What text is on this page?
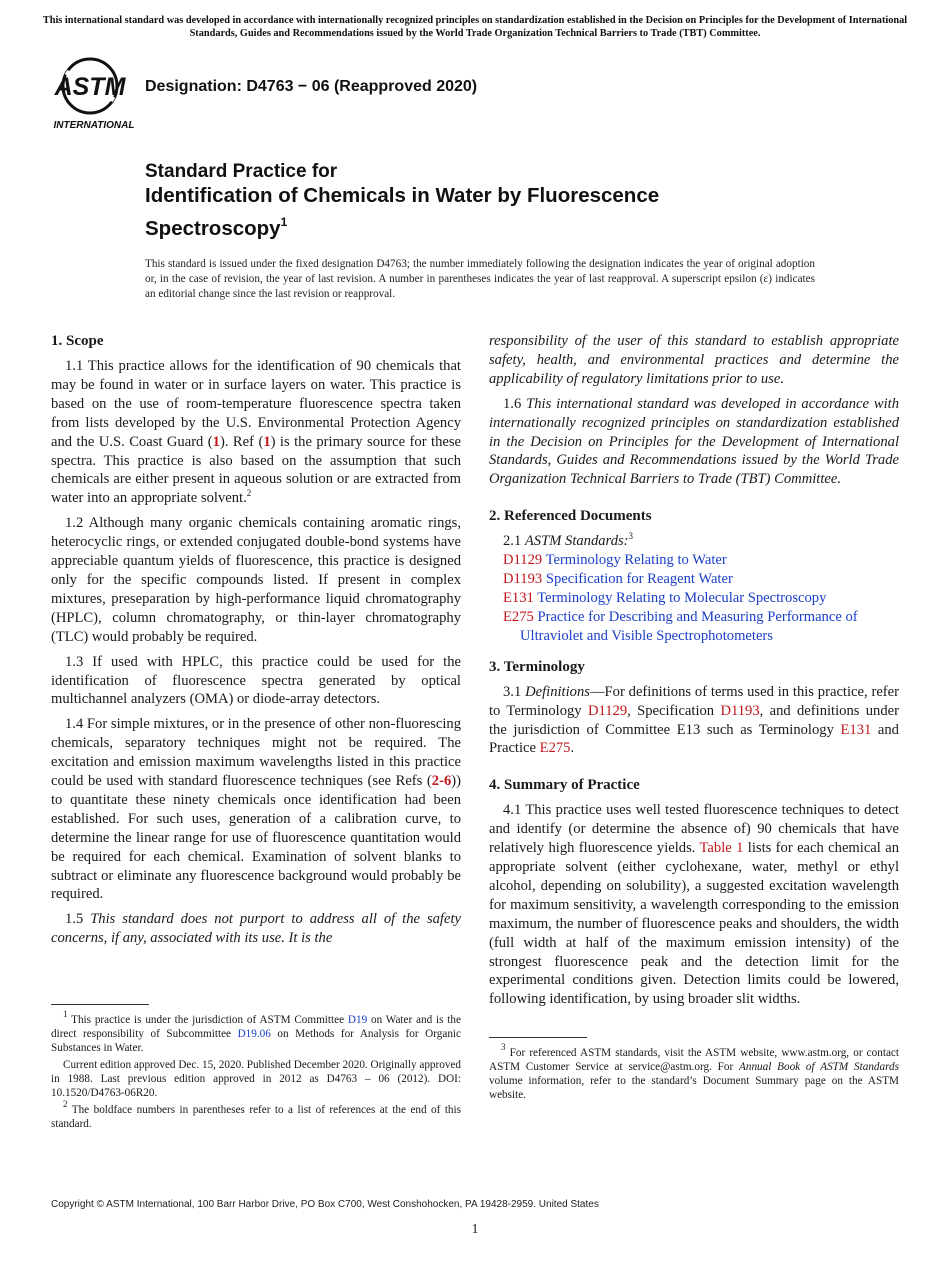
This international standard was developed in accordance with internationally recognized principles on standardization established in the Decision on Principles for the Development of International Standards, Guides and Recommendations issued by the World Trade Organization Technical Barriers to Trade (TBT) Committee.
ASTM
INTERNATIONAL
Designation: D4763 − 06 (Reapproved 2020)
Standard Practice for
Identification of Chemicals in Water by Fluorescence
Spectroscopy$^1$
This standard is issued under the fixed designation D4763; the number immediately following the designation indicates the year of original adoption or, in the case of revision, the year of last revision. A number in parentheses indicates the year of last reapproval. A superscript epsilon (ε) indicates an editorial change since the last revision or reapproval.
1. Scope

1.1 This practice allows for the identification of 90 chemicals that may be found in water or in surface layers on water. This practice is based on the use of room-temperature fluorescence spectra taken from lists developed by the U.S. Environmental Protection Agency and the U.S. Coast Guard (1). Ref (1) is the primary source for these spectra. This practice is also based on the assumption that such chemicals are either present in aqueous solution or are extracted from water into an appropriate solvent.$^2$

1.2 Although many organic chemicals containing aromatic rings, heterocyclic rings, or extended conjugated double-bond systems have appreciable quantum yields of fluorescence, this practice is designed only for the specific compounds listed. If present in complex mixtures, preseparation by high-performance liquid chromatography (HPLC), column chromatography, or thin-layer chromatography (TLC) would probably be required.

1.3 If used with HPLC, this practice could be used for the identification of fluorescence spectra generated by optical multichannel analyzers (OMA) or diode-array detectors.

1.4 For simple mixtures, or in the presence of other non-fluorescing chemicals, separatory techniques might not be required. The excitation and emission maximum wavelengths listed in this practice could be used with standard fluorescence techniques (see Refs (2-6)) to quantitate these ninety chemicals once identification had been established. For such uses, generation of a calibration curve, to determine the linear range for use of fluorescence quantitation would be required for each chemical. Examination of solvent blanks to subtract or eliminate any fluorescence background would probably be required.

1.5 This standard does not purport to address all of the safety concerns, if any, associated with its use. It is the

$^1$ This practice is under the jurisdiction of ASTM Committee D19 on Water and is the direct responsibility of Subcommittee D19.06 on Methods for Analysis for Organic Substances in Water.

Current edition approved Dec. 15, 2020. Published December 2020. Originally approved in 1988. Last previous edition approved in 2012 as D4763 – 06 (2012). DOI: 10.1520/D4763-06R20.

$^2$ The boldface numbers in parentheses refer to a list of references at the end of this standard.

responsibility of the user of this standard to establish appropriate safety, health, and environmental practices and determine the applicability of regulatory limitations prior to use.

1.6 This international standard was developed in accordance with internationally recognized principles on standardization established in the Decision on Principles for the Development of International Standards, Guides and Recommendations issued by the World Trade Organization Technical Barriers to Trade (TBT) Committee.

2. Referenced Documents

2.1 ASTM Standards:$^3$

D1129 Terminology Relating to Water

D1193 Specification for Reagent Water

E131 Terminology Relating to Molecular Spectroscopy

E275 Practice for Describing and Measuring Performance of Ultraviolet and Visible Spectrophotometers

3. Terminology

3.1 Definitions—For definitions of terms used in this practice, refer to Terminology D1129, Specification D1193, and definitions under the jurisdiction of Committee E13 such as Terminology E131 and Practice E275.

4. Summary of Practice

4.1 This practice uses well tested fluorescence techniques to detect and identify (or determine the absence of) 90 chemicals that have relatively high fluorescence yields. Table 1 lists for each chemical an appropriate solvent (either cyclohexane, water, methyl or ethyl alcohol, depending on solubility), a suggested excitation wavelength for maximum sensitivity, a wavelength corresponding to the emission maximum, the number of fluorescence peaks and shoulders, the width (full width at half of the maximum emission intensity) of the strongest fluorescence peak and the detection limit for the experimental conditions given. Detection limits could be lowered, following identification, by using broader slit widths.

$^3$ For referenced ASTM standards, visit the ASTM website, www.astm.org, or contact ASTM Customer Service at service@astm.org. For Annual Book of ASTM Standards volume information, refer to the standard’s Document Summary page on the ASTM website.

Copyright © ASTM International, 100 Barr Harbor Drive, PO Box C700, West Conshohocken, PA 19428-2959. United States
1
